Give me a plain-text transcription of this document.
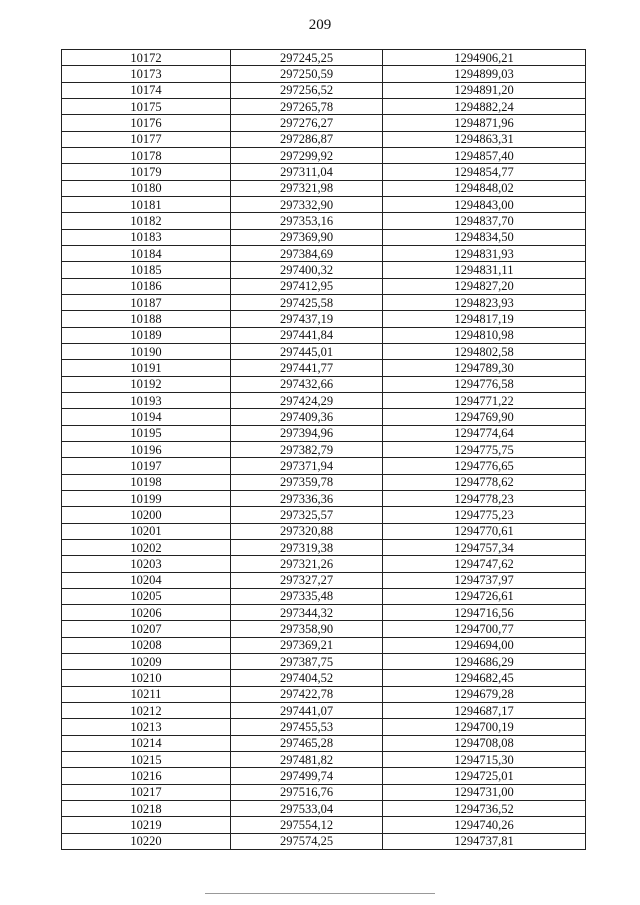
209
10172	297245,25	1294906,21
10173	297250,59	1294899,03
10174	297256,52	1294891,20
10175	297265,78	1294882,24
10176	297276,27	1294871,96
10177	297286,87	1294863,31
10178	297299,92	1294857,40
10179	297311,04	1294854,77
10180	297321,98	1294848,02
10181	297332,90	1294843,00
10182	297353,16	1294837,70
10183	297369,90	1294834,50
10184	297384,69	1294831,93
10185	297400,32	1294831,11
10186	297412,95	1294827,20
10187	297425,58	1294823,93
10188	297437,19	1294817,19
10189	297441,84	1294810,98
10190	297445,01	1294802,58
10191	297441,77	1294789,30
10192	297432,66	1294776,58
10193	297424,29	1294771,22
10194	297409,36	1294769,90
10195	297394,96	1294774,64
10196	297382,79	1294775,75
10197	297371,94	1294776,65
10198	297359,78	1294778,62
10199	297336,36	1294778,23
10200	297325,57	1294775,23
10201	297320,88	1294770,61
10202	297319,38	1294757,34
10203	297321,26	1294747,62
10204	297327,27	1294737,97
10205	297335,48	1294726,61
10206	297344,32	1294716,56
10207	297358,90	1294700,77
10208	297369,21	1294694,00
10209	297387,75	1294686,29
10210	297404,52	1294682,45
10211	297422,78	1294679,28
10212	297441,07	1294687,17
10213	297455,53	1294700,19
10214	297465,28	1294708,08
10215	297481,82	1294715,30
10216	297499,74	1294725,01
10217	297516,76	1294731,00
10218	297533,04	1294736,52
10219	297554,12	1294740,26
10220	297574,25	1294737,81
